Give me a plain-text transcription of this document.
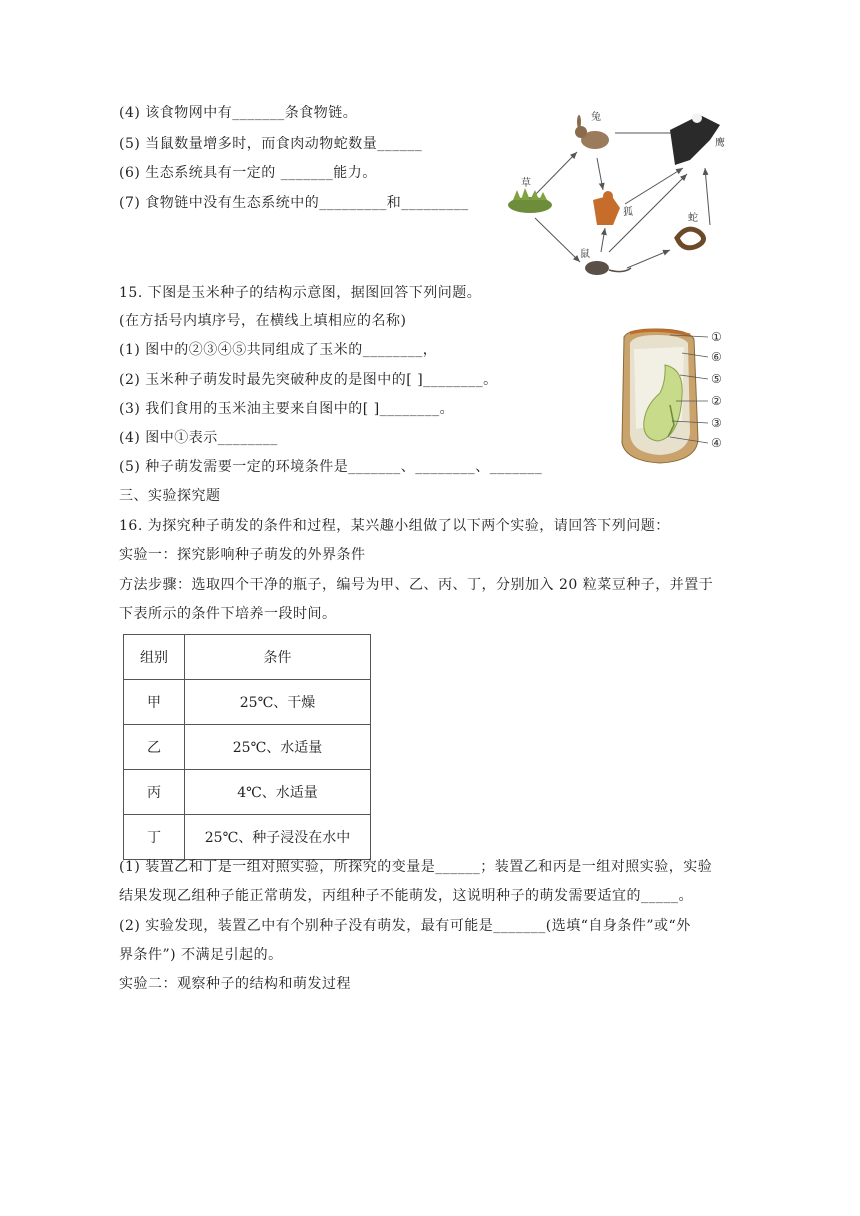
(4) 该食物网中有_______条食物链。
(5) 当鼠数量增多时，而食肉动物蛇数量______
(6) 生态系统具有一定的 _______能力。
(7) 食物链中没有生态系统中的_________和_________
兔
鹰
草
狐
蛇
鼠
15. 下图是玉米种子的结构示意图，据图回答下列问题。
(在方括号内填序号，在横线上填相应的名称)
(1) 图中的②③④⑤共同组成了玉米的________，
(2) 玉米种子萌发时最先突破种皮的是图中的[ ]________。
(3) 我们食用的玉米油主要来自图中的[ ]________。
(4) 图中①表示________
(5) 种子萌发需要一定的环境条件是_______、________、_______
①
⑥
⑤
②
③
④
三、实验探究题
16. 为探究种子萌发的条件和过程，某兴趣小组做了以下两个实验，请回答下列问题：
实验一：探究影响种子萌发的外界条件
方法步骤：选取四个干净的瓶子，编号为甲、乙、丙、丁，分别加入 20 粒菜豆种子，并置于
下表所示的条件下培养一段时间。
组别	条件
甲	25℃、干燥
乙	25℃、水适量
丙	4℃、水适量
丁	25℃、种子浸没在水中
(1) 装置乙和丁是一组对照实验，所探究的变量是______；装置乙和丙是一组对照实验，实验
结果发现乙组种子能正常萌发，丙组种子不能萌发，这说明种子的萌发需要适宜的_____。
(2) 实验发现，装置乙中有个别种子没有萌发，最有可能是_______(选填“自身条件”或“外
界条件”) 不满足引起的。
实验二：观察种子的结构和萌发过程
